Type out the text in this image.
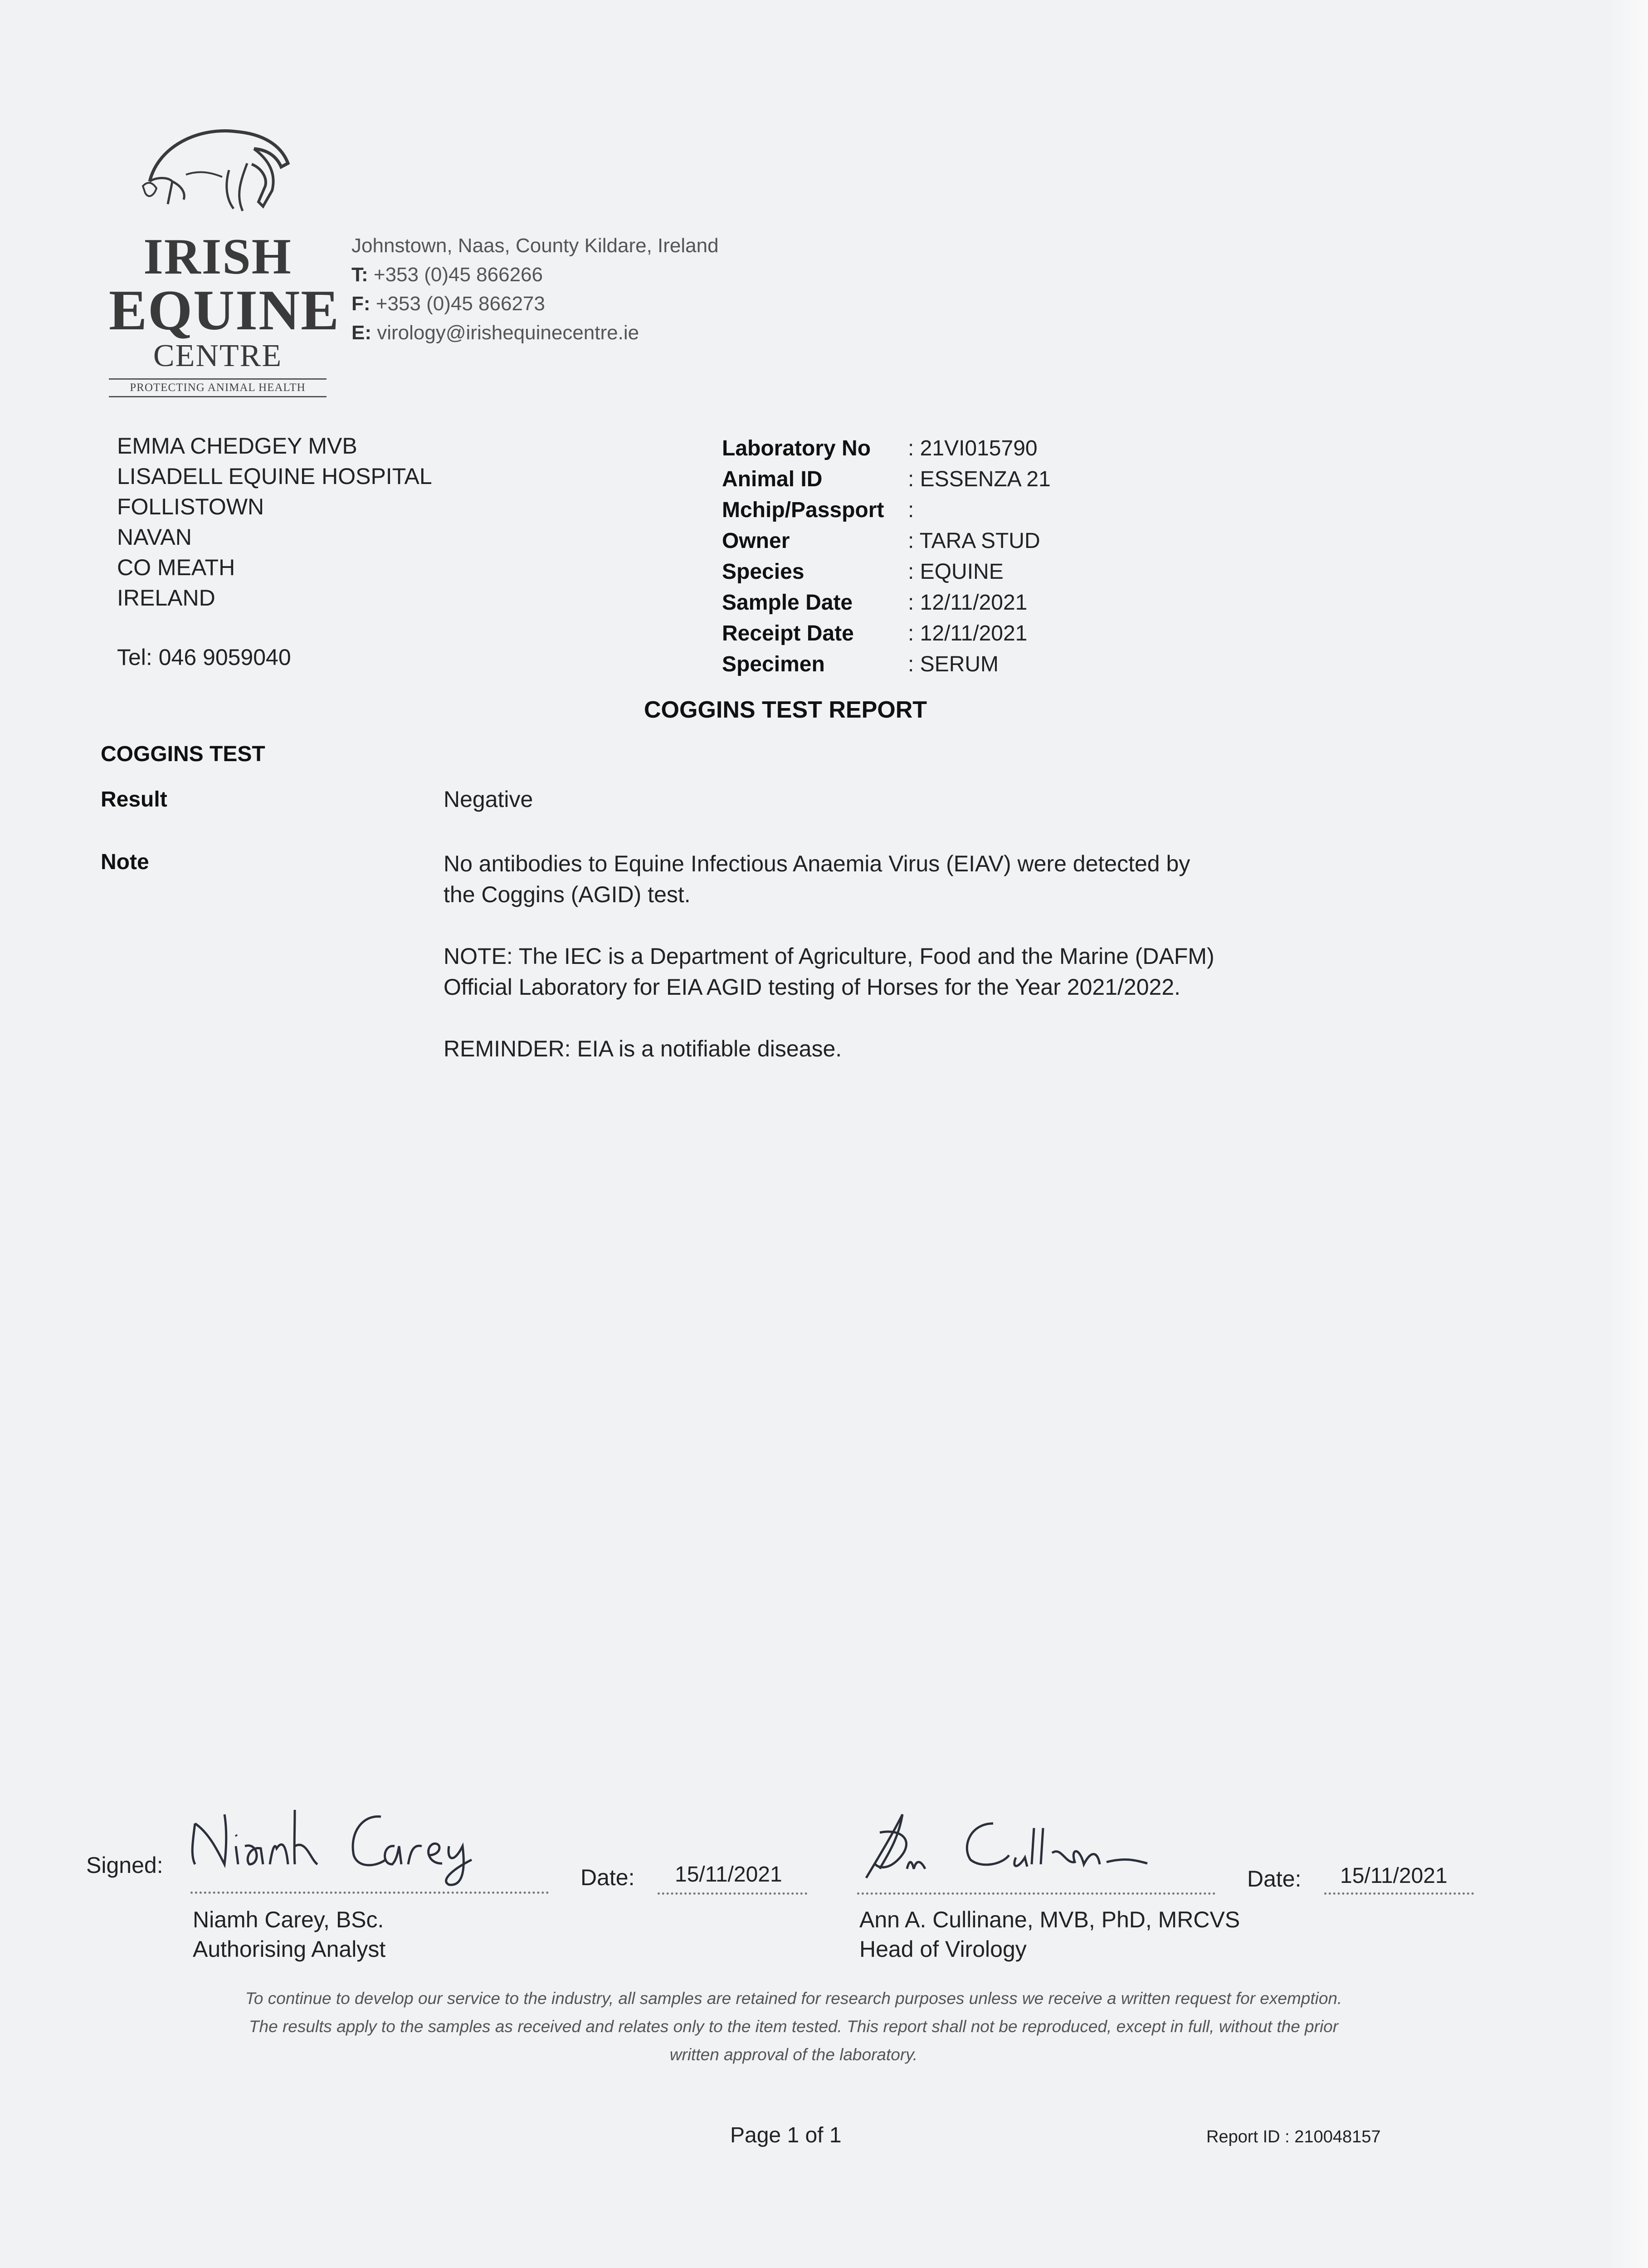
IRISH
EQUINE
CENTRE
PROTECTING ANIMAL HEALTH
Johnstown, Naas, County Kildare, Ireland
T: +353 (0)45 866266
F: +353 (0)45 866273
E: virology@irishequinecentre.ie
EMMA CHEDGEY MVB
LISADELL EQUINE HOSPITAL
FOLLISTOWN
NAVAN
CO MEATH
IRELAND
Tel: 046 9059040
Laboratory No	: 21VI015790
Animal ID	: ESSENZA 21
Mchip/Passport	:
Owner	: TARA STUD
Species	: EQUINE
Sample Date	: 12/11/2021
Receipt Date	: 12/11/2021
Specimen	: SERUM
COGGINS TEST REPORT
COGGINS TEST
Result	Negative
Note	No antibodies to Equine Infectious Anaemia Virus (EIAV) were detected by the Coggins (AGID) test.

NOTE: The IEC is a Department of Agriculture, Food and the Marine (DAFM) Official Laboratory for EIA AGID testing of Horses for the Year 2021/2022.

REMINDER: EIA is a notifiable disease.

Signed:	Date: 15/11/2021
Niamh Carey, BSc.
Authorising Analyst
Date: 15/11/2021
Ann A. Cullinane, MVB, PhD, MRCVS
Head of Virology
To continue to develop our service to the industry, all samples are retained for research purposes unless we receive a written request for exemption.
The results apply to the samples as received and relates only to the item tested. This report shall not be reproduced, except in full, without the prior
written approval of the laboratory.
Page 1 of 1	Report ID : 210048157
